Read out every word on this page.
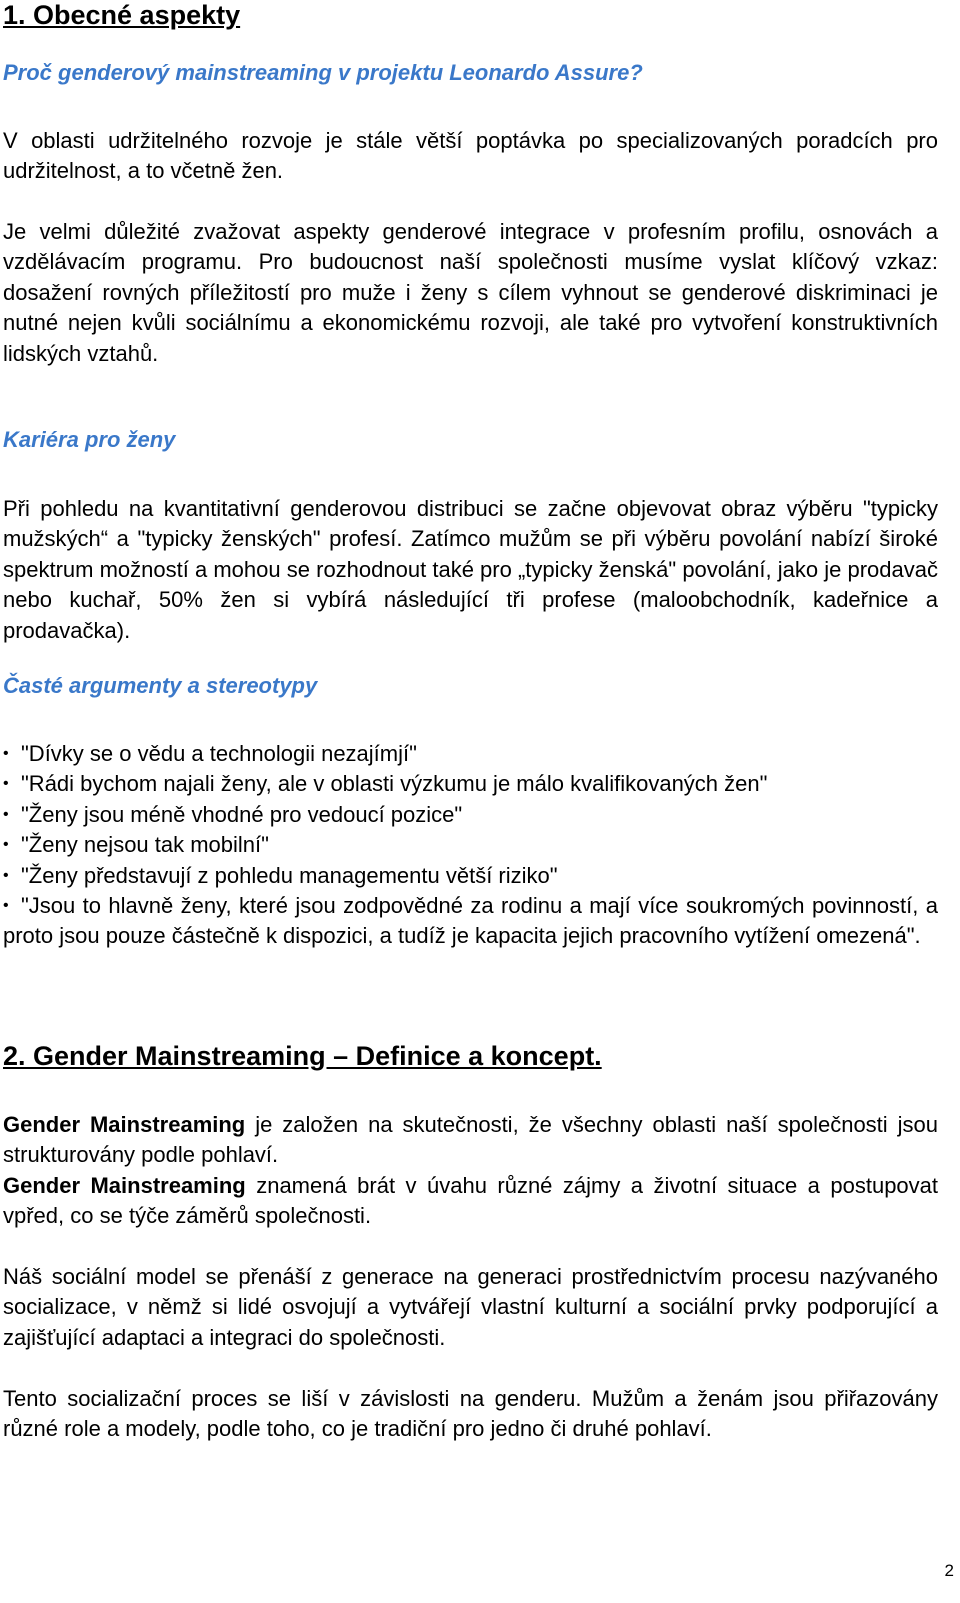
1. Obecné aspekty
Proč genderový mainstreaming v projektu Leonardo Assure?

V oblasti udržitelného rozvoje je stále větší poptávka po specializovaných poradcích pro udržitelnost, a to včetně žen.

Je velmi důležité zvažovat aspekty genderové integrace v profesním profilu, osnovách a vzdělávacím programu. Pro budoucnost naší společnosti musíme vyslat klíčový vzkaz: dosažení rovných příležitostí pro muže i ženy s cílem vyhnout se genderové diskriminaci je nutné nejen kvůli sociálnímu a ekonomickému rozvoji, ale také pro vytvoření konstruktivních lidských vztahů.

Kariéra pro ženy

Při pohledu na kvantitativní genderovou distribuci se začne objevovat obraz výběru "typicky mužských“ a "typicky ženských" profesí. Zatímco mužům se při výběru povolání nabízí široké spektrum možností a mohou se rozhodnout také pro „typicky ženská" povolání, jako je prodavač nebo kuchař, 50% žen si vybírá následující tři profese (maloobchodník, kadeřnice a prodavačka).

Časté argumenty a stereotypy
• "Dívky se o vědu a technologii nezajímjí"
• "Rádi bychom najali ženy, ale v oblasti výzkumu je málo kvalifikovaných žen"
• "Ženy jsou méně vhodné pro vedoucí pozice"
• "Ženy nejsou tak mobilní"
• "Ženy představují z pohledu managementu větší riziko"
• "Jsou to hlavně ženy, které jsou zodpovědné za rodinu a mají více soukromých povinností, a proto jsou pouze částečně k dispozici, a tudíž je kapacita jejich pracovního vytížení omezená".
2. Gender Mainstreaming – Definice a koncept.

Gender Mainstreaming je založen na skutečnosti, že všechny oblasti naší společnosti jsou strukturovány podle pohlaví.

Gender Mainstreaming znamená brát v úvahu různé zájmy a životní situace a postupovat vpřed, co se týče záměrů společnosti.

Náš sociální model se přenáší z generace na generaci prostřednictvím procesu nazývaného socializace, v němž si lidé osvojují a vytvářejí vlastní kulturní a sociální prvky podporující a zajišťující adaptaci a integraci do společnosti.

Tento socializační proces se liší v závislosti na genderu. Mužům a ženám jsou přiřazovány různé role a modely, podle toho, co je tradiční pro jedno či druhé pohlaví.

2
